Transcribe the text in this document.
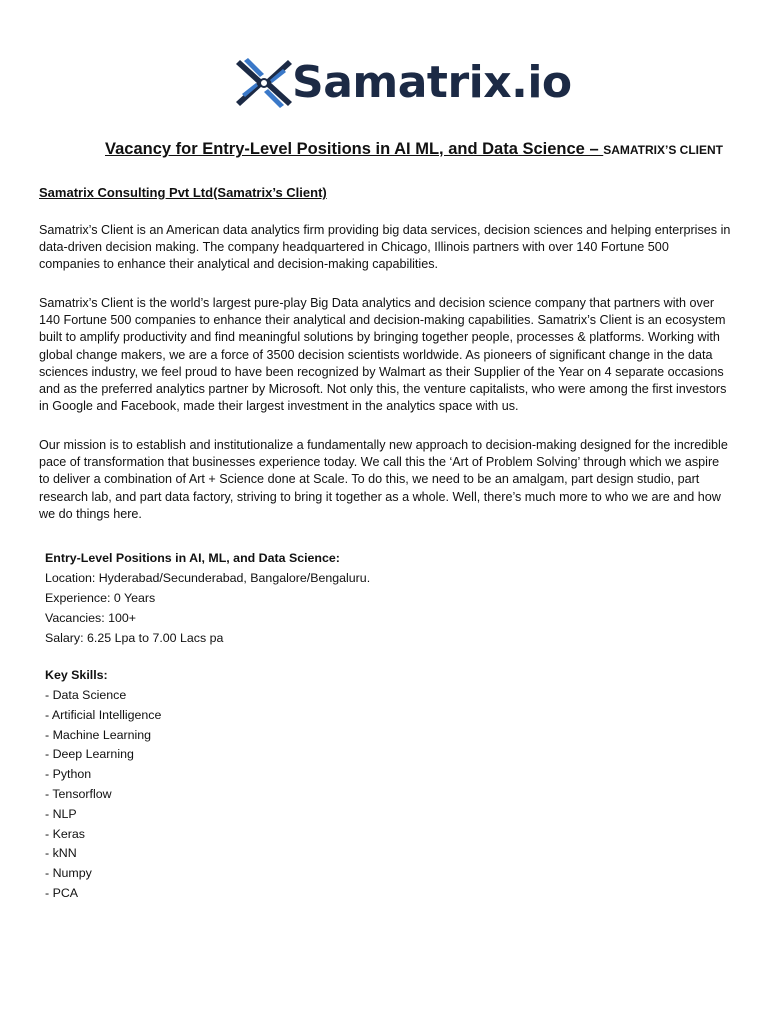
Samatrix.io
Vacancy for Entry-Level Positions in AI ML, and Data Science – SAMATRIX’S CLIENT
Samatrix Consulting Pvt Ltd(Samatrix’s Client)

Samatrix’s Client is an American data analytics firm providing big data services, decision sciences and helping enterprises in data-driven decision making. The company headquartered in Chicago, Illinois partners with over 140 Fortune 500 companies to enhance their analytical and decision-making capabilities.

Samatrix’s Client is the world’s largest pure-play Big Data analytics and decision science company that partners with over 140 Fortune 500 companies to enhance their analytical and decision-making capabilities. Samatrix’s Client is an ecosystem built to amplify productivity and find meaningful solutions by bringing together people, processes & platforms. Working with global change makers, we are a force of 3500 decision scientists worldwide. As pioneers of significant change in the data sciences industry, we feel proud to have been recognized by Walmart as their Supplier of the Year on 4 separate occasions and as the preferred analytics partner by Microsoft. Not only this, the venture capitalists, who were among the first investors in Google and Facebook, made their largest investment in the analytics space with us.

Our mission is to establish and institutionalize a fundamentally new approach to decision-making designed for the incredible pace of transformation that businesses experience today. We call this the ‘Art of Problem Solving’ through which we aspire to deliver a combination of Art + Science done at Scale. To do this, we need to be an amalgam, part design studio, part research lab, and part data factory, striving to bring it together as a whole. Well, there’s much more to who we are and how we do things here.

Entry-Level Positions in AI, ML, and Data Science:
Location: Hyderabad/Secunderabad, Bangalore/Bengaluru.
Experience: 0 Years
Vacancies: 100+
Salary: 6.25 Lpa to 7.00 Lacs pa
Key Skills:
- Data Science
- Artificial Intelligence
- Machine Learning
- Deep Learning
- Python
- Tensorflow
- NLP
- Keras
- kNN
- Numpy
- PCA
